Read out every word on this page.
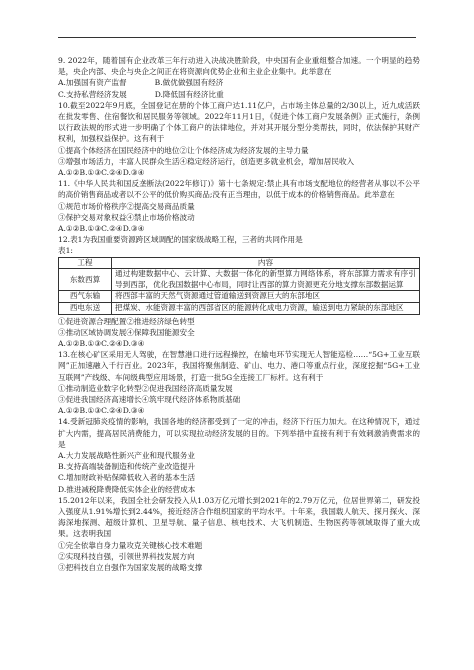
9. 2022年，随着国有企业改革三年行动进入决战决胜阶段，中央国有企业重组整合加速。一个明显的趋势是，央企内部、央企与央企之间正在将资源向优势企业和主业企业集中。此举意在

A.加强国有资产监督	B.做优做强国有经济

C.支持私营经济发展	D.降低国有经济比重

10.截至2022年9月底，全国登记在册的个体工商户达1.11亿户，占市场主体总量的2/30以上，近九成活跃在批发零售、住宿餐饮和居民服务等领域。2022年11月1日，《促进个体工商户发展条例》正式施行，条例以行政法规的形式进一步明确了个体工商户的法律地位，并对其开展分型分类帮扶，同时，依法保护其财产权利，加强权益保护。这有利于

①提高个体经济在国民经济中的地位②让个体经济成为经济发展的主导力量

③增强市场活力，丰富人民群众生活④稳定经济运行，创造更多就业机会，增加居民收入

A.①②B.①③C.②④D.③④

11.《中华人民共和国反垄断法(2022年修订)》第十七条规定:禁止具有市场支配地位的经营者从事以不公平的高价销售商品或者以不公平的低价购买商品;没有正当理由，以低于成本的价格销售商品。此举意在

①规范市场价格秩序②提高交易商品质量

③保护交易对象权益④禁止市场价格波动

A.①②B.①③C.②④D.③④

12.表1为我国重要资源跨区域调配的国家级战略工程，三者的共同作用是

表1:

工程	内容
东数西算	通过构建数据中心、云计算、大数据一体化的新型算力网络体系，将东部算力需求有序引导到西部，优化我国数据中心布局，同时让西部的算力资源更充分地支撑东部数据运算
西气东输	将西部丰富的天然气资源通过管道输送到资源巨大的东部地区
西电东送	把煤炭、水能资源丰富的西部省区的能源转化成电力资源，输送到电力紧缺的东部地区

①促进资源合理配置②推进经济绿色转型

③推动区域协调发展④保障我国能源安全

A.①②B.①③C.②④D.③④

13.在核心矿区采用无人驾驶，在智慧港口进行远程操控，在输电环节实现无人智能巡检……“5G+工业互联网”正加速融入千行百业。2023年，我国将聚焦制造、矿山、电力、港口等重点行业，深度挖掘“5G+工业互联网”产线级、车间级典型应用场景，打造一批5G全连接工厂标杆。这有利于

①推动制造业数字化转型②促进我国经济高质量发展

③促进我国经济高速增长④筑牢现代经济体系物质基础

A.①②B.①③C.②④D.③④

14.受新冠肺炎疫情的影响，我国各地的经济都受到了一定的冲击，经济下行压力加大。在这种情况下，通过扩大内需，提高居民消费能力，可以实现拉动经济发展的目的。下列举措中直接有利于有效刺激消费需求的是

A.大力发展战略性新兴产业和现代服务业

B.支持高端装备制造和传统产业改造提升

C.增加财政补贴保障低收入者的基本生活

D.推进减税降费降低实体企业的经营成本

15.2012年以来，我国全社会研发投入从1.03万亿元增长到2021年的2.79万亿元，位居世界第二，研发投入强度从1.91%增长到2.44%，接近经济合作组织国家的平均水平。十年来，我国载人航天、探月探火、深海深地探测、超级计算机、卫星导航、量子信息、核电技术、大飞机制造、生物医药等领域取得了重大成果。这表明我国

①完全依靠自身力量攻克关键核心技术难题

②实现科技自强，引领世界科技发展方向

③把科技自立自强作为国家发展的战略支撑
